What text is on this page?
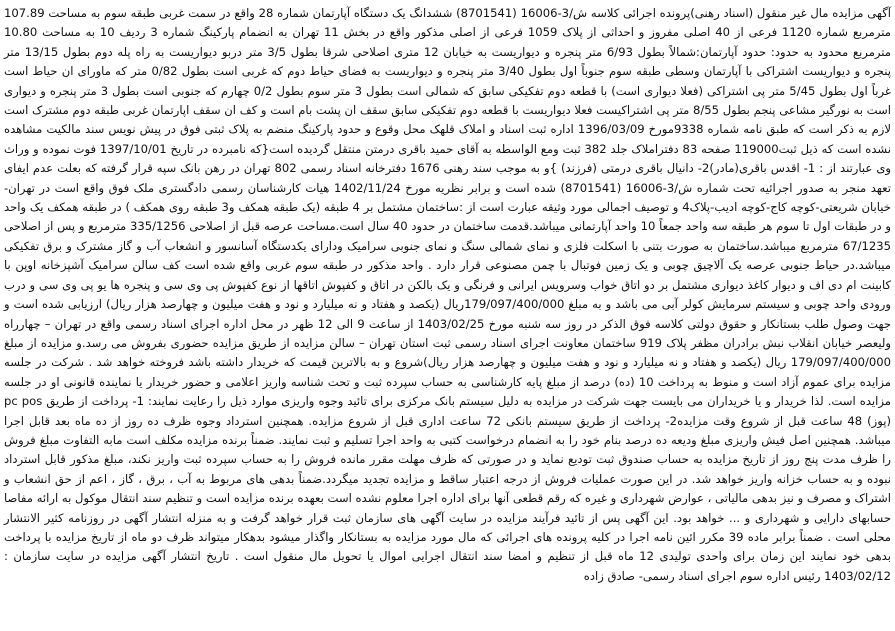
آگهی مزایده مال غیر منقول (اسناد رهنی)پرونده اجرائی کلاسه ش/3-16006 (8701541) ششدانگ یک دستگاه آپارتمان شماره 28 واقع در سمت غربی طبقه سوم به مساحت 107.89 مترمربع شماره 1120 فرعی از 40 اصلی مفروز و احداثی از پلاک 1059 فرعی از اصلی مذکور واقع در بخش 11 تهران به انضمام پارکینگ شماره 3 ردیف 10 به مساحت 10.80 مترمربع محدود به حدود: حدود آپارتمان:شمالاً بطول 6/93 متر پنجره و دیواریست به خیابان 12 متری اصلاحی شرقا بطول 3/5 متر دربو دیواریست به راه پله دوم بطول 13/15 متر پنجره و دیواریست اشتراکی با آپارتمان وسطی طبقه سوم جنوباً اول بطول 3/40 متر پنجره و دیواریست به فضای حیاط دوم که غربی است بطول 0/82 متر که ماورای ان حیاط است غرباً اول بطول 5/45 متر پی اشتراکی (فعلا دیواری است) با قطعه دوم تفکیکی سابق که شمالی است بطول 3 متر سوم بطول 0/2 چهارم که جنوبی است بطول 3 متر پنجره و دیواری است به نورگیر مشاعی پنجم بطول 8/55 متر پی اشتراکیست فعلا دیواریست با قطعه دوم تفکیکی سابق سقف ان پشت بام است و کف ان سقف اپارتمان غربی طبقه دوم مشترک است لازم به ذکر است که طبق نامه شماره 9338مورخ 1396/03/09 اداره ثبت اسناد و املاک قلهک محل وقوع و حدود پارکینگ منضم به پلاک ثبتی فوق در پیش نویس سند مالکیت مشاهده نشده است که ذیل ثبت119000 صفحه 83 دفتراملاک جلد 382 ثبت ومع الواسطه به آقای حمید باقری درمتن منتقل گردیده است{که نامبرده در تاریخ 1397/10/01 فوت نموده و وراث وی عبارتند از : 1- اقدس باقری(مادر)2- دانیال باقری درمتی (فرزند) }و به موجب سند رهنی 1676 دفترخانه اسناد رسمی 802 تهران در رهن بانک سپه قرار گرفته که بعلت عدم ایفای تعهد منجر به صدور اجرائیه تحت شماره ش/3-16006 (8701541) شده است و برابر نظریه مورخ 1402/11/24 هیات کارشناسان رسمی دادگستری ملک فوق واقع است در تهران- خیابان شریعتی-کوچه کاج-کوچه ادیب-پلاک4 و توصیف اجمالی مورد وثیقه عبارت است از :ساختمان مشتمل بر 4 طبقه (یک طبقه همکف و3 طبقه روی همکف ) در طبقه همکف یک واحد و در طبقات اول تا سوم هر طبقه سه واحد جمعاً 10 واحد آپارتمانی میباشد.قدمت ساختمان در حدود 40 سال است.مساحت عرصه قبل از اصلاحی 335/1256 مترمربع و پس از اصلاحی 67/1235 مترمربع میباشد.ساختمان به صورت بتنی با اسکلت فلزی و نمای شمالی سنگ و نمای جنوبی سرامیک ودارای یکدستگاه آسانسور و انشعاب آب و گاز مشترک و برق تفکیکی میباشد.در حیاط جنوبی عرصه یک آلاچیق چوبی و یک زمین فوتبال با چمن مصنوعی قرار دارد . واحد مذکور در طبقه سوم غربی واقع شده است کف سالن سرامیک آشپزخانه اوپن با کابینت ام دی اف و دیوار کاغذ دیواری مشتمل بر دو اتاق خواب وسرویس ایرانی و فرنگی و یک بالکن در اتاق و کفپوش اتاقها از نوع کفپوش پی وی سی و پنجره ها یو پی وی سی و درب ورودی واحد چوبی و سیستم سرمایش کولر آبی می باشد و به مبلغ 179/097/400/000ریال (یکصد و هفتاد و نه میلیارد و نود و هفت میلیون و چهارصد هزار ریال) ارزیابی شده است و جهت وصول طلب بستانکار و حقوق دولتی کلاسه فوق الذکر در روز سه شنبه مورخ 1403/02/25 از ساعت 9 الی 12 ظهر در محل اداره اجرای اسناد رسمی واقع در تهران – چهارراه ولیعصر خیابان انقلاب نبش برادران مظفر پلاک 919 ساختمان معاونت اجرای اسناد رسمی ثبت استان تهران – سالن مزایده از طریق مزایده حضوری بفروش می رسد.و مزایده از مبلغ 179/097/400/000 ریال (یکصد و هفتاد و نه میلیارد و نود و هفت میلیون و چهارصد هزار ریال)شروع و به بالاترین قیمت که خریدار داشته باشد فروخته خواهد شد . شرکت در جلسه مزایده برای عموم آزاد است و منوط به پرداخت 10 (ده) درصد از مبلغ پایه کارشناسی به حساب سپرده ثبت و تحت شناسه واریز اعلامی و حضور خریدار یا نماینده قانونی او در جلسه مزایده است. لذا خریدار و یا خریداران می بایست جهت شرکت در مزایده به دلیل سیستم بانک مرکزی برای تائید وجوه واریزی موارد ذیل را رعایت نمایند: 1- پرداخت از طریق pc pos (پوز) 48 ساعت قبل از شروع وقت مزایده2- پرداخت از طریق سیستم بانکی 72 ساعت اداری قبل از شروع مزایده. همچنین استرداد وجوه ظرف ده روز از ده ماه بعد قابل اجرا میباشد. همچنین اصل فیش واریزی مبلغ ودیعه ده درصد بنام خود را به انضمام درخواست کتبی به واحد اجرا تسلیم و ثبت نمایند. ضمناً برنده مزایده مکلف است مابه التفاوت مبلغ فروش را ظرف مدت پنج روز از تاریخ مزایده به حساب صندوق ثبت تودیع نماید و در صورتی که ظرف مهلت مقرر مانده فروش را به حساب سپرده ثبت واریز نکند، مبلغ مذکور قابل استرداد نبوده و به حساب خزانه واریز خواهد شد. در این صورت عملیات فروش از درجه اعتبار ساقط و مزایده تجدید میگردد.ضمناً بدهی های مربوط به آب ، برق ، گاز ، اعم از حق انشعاب و اشتراک و مصرف و نیز بدهی مالیاتی ، عوارض شهرداری و غیره که رقم قطعی آنها برای اداره اجرا معلوم نشده است بعهده برنده مزایده است و تنظیم سند انتقال موکول به ارائه مفاصا حسابهای دارایی و شهرداری و ... خواهد بود. این آگهی پس از تائید فرآیند مزایده در سایت آگهی های سازمان ثبت قرار خواهد گرفت و به منزله انتشار آگهی در روزنامه کثیر الانتشار محلی است . ضمناً برابر ماده 39 مکرر ائین نامه اجرا در کلیه پرونده های اجرائی که مال مورد مزایده به بستانکار واگذار میشود بدهکار میتواند ظرف دو ماه از تاریخ مزایده با پرداخت بدهی خود نمایند این زمان برای واحدی تولیدی 12 ماه قبل از تنظیم و امضا سند انتقال اجرایی اموال یا تحویل مال منقول است . تاریخ انتشار آگهی مزایده در سایت سازمان : 1403/02/12 رئیس اداره سوم اجرای اسناد رسمی- صادق زاده
